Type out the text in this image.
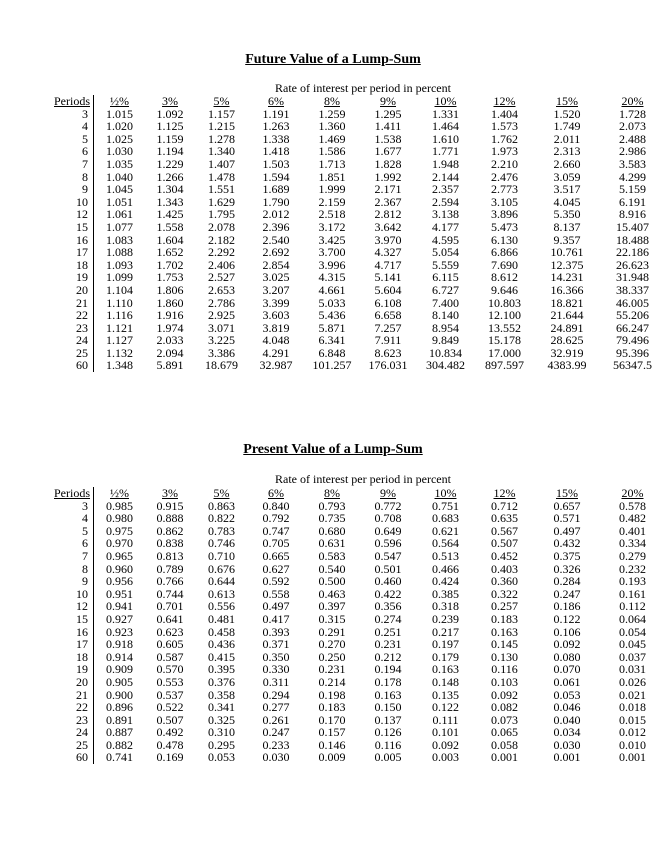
Future Value of a Lump-Sum
Rate of interest per period in percent
Periods	½%	3%	5%	6%	8%	9%	10%	12%	15%	20%
3	1.015	1.092	1.157	1.191	1.259	1.295	1.331	1.404	1.520	1.728
4	1.020	1.125	1.215	1.263	1.360	1.411	1.464	1.573	1.749	2.073
5	1.025	1.159	1.278	1.338	1.469	1.538	1.610	1.762	2.011	2.488
6	1.030	1.194	1.340	1.418	1.586	1.677	1.771	1.973	2.313	2.986
7	1.035	1.229	1.407	1.503	1.713	1.828	1.948	2.210	2.660	3.583
8	1.040	1.266	1.478	1.594	1.851	1.992	2.144	2.476	3.059	4.299
9	1.045	1.304	1.551	1.689	1.999	2.171	2.357	2.773	3.517	5.159
10	1.051	1.343	1.629	1.790	2.159	2.367	2.594	3.105	4.045	6.191
12	1.061	1.425	1.795	2.012	2.518	2.812	3.138	3.896	5.350	8.916
15	1.077	1.558	2.078	2.396	3.172	3.642	4.177	5.473	8.137	15.407
16	1.083	1.604	2.182	2.540	3.425	3.970	4.595	6.130	9.357	18.488
17	1.088	1.652	2.292	2.692	3.700	4.327	5.054	6.866	10.761	22.186
18	1.093	1.702	2.406	2.854	3.996	4.717	5.559	7.690	12.375	26.623
19	1.099	1.753	2.527	3.025	4.315	5.141	6.115	8.612	14.231	31.948
20	1.104	1.806	2.653	3.207	4.661	5.604	6.727	9.646	16.366	38.337
21	1.110	1.860	2.786	3.399	5.033	6.108	7.400	10.803	18.821	46.005
22	1.116	1.916	2.925	3.603	5.436	6.658	8.140	12.100	21.644	55.206
23	1.121	1.974	3.071	3.819	5.871	7.257	8.954	13.552	24.891	66.247
24	1.127	2.033	3.225	4.048	6.341	7.911	9.849	15.178	28.625	79.496
25	1.132	2.094	3.386	4.291	6.848	8.623	10.834	17.000	32.919	95.396
60	1.348	5.891	18.679	32.987	101.257	176.031	304.482	897.597	4383.99	56347.5
Present Value of a Lump-Sum
Rate of interest per period in percent
Periods	½%	3%	5%	6%	8%	9%	10%	12%	15%	20%
3	0.985	0.915	0.863	0.840	0.793	0.772	0.751	0.712	0.657	0.578
4	0.980	0.888	0.822	0.792	0.735	0.708	0.683	0.635	0.571	0.482
5	0.975	0.862	0.783	0.747	0.680	0.649	0.621	0.567	0.497	0.401
6	0.970	0.838	0.746	0.705	0.631	0.596	0.564	0.507	0.432	0.334
7	0.965	0.813	0.710	0.665	0.583	0.547	0.513	0.452	0.375	0.279
8	0.960	0.789	0.676	0.627	0.540	0.501	0.466	0.403	0.326	0.232
9	0.956	0.766	0.644	0.592	0.500	0.460	0.424	0.360	0.284	0.193
10	0.951	0.744	0.613	0.558	0.463	0.422	0.385	0.322	0.247	0.161
12	0.941	0.701	0.556	0.497	0.397	0.356	0.318	0.257	0.186	0.112
15	0.927	0.641	0.481	0.417	0.315	0.274	0.239	0.183	0.122	0.064
16	0.923	0.623	0.458	0.393	0.291	0.251	0.217	0.163	0.106	0.054
17	0.918	0.605	0.436	0.371	0.270	0.231	0.197	0.145	0.092	0.045
18	0.914	0.587	0.415	0.350	0.250	0.212	0.179	0.130	0.080	0.037
19	0.909	0.570	0.395	0.330	0.231	0.194	0.163	0.116	0.070	0.031
20	0.905	0.553	0.376	0.311	0.214	0.178	0.148	0.103	0.061	0.026
21	0.900	0.537	0.358	0.294	0.198	0.163	0.135	0.092	0.053	0.021
22	0.896	0.522	0.341	0.277	0.183	0.150	0.122	0.082	0.046	0.018
23	0.891	0.507	0.325	0.261	0.170	0.137	0.111	0.073	0.040	0.015
24	0.887	0.492	0.310	0.247	0.157	0.126	0.101	0.065	0.034	0.012
25	0.882	0.478	0.295	0.233	0.146	0.116	0.092	0.058	0.030	0.010
60	0.741	0.169	0.053	0.030	0.009	0.005	0.003	0.001	0.001	0.001
